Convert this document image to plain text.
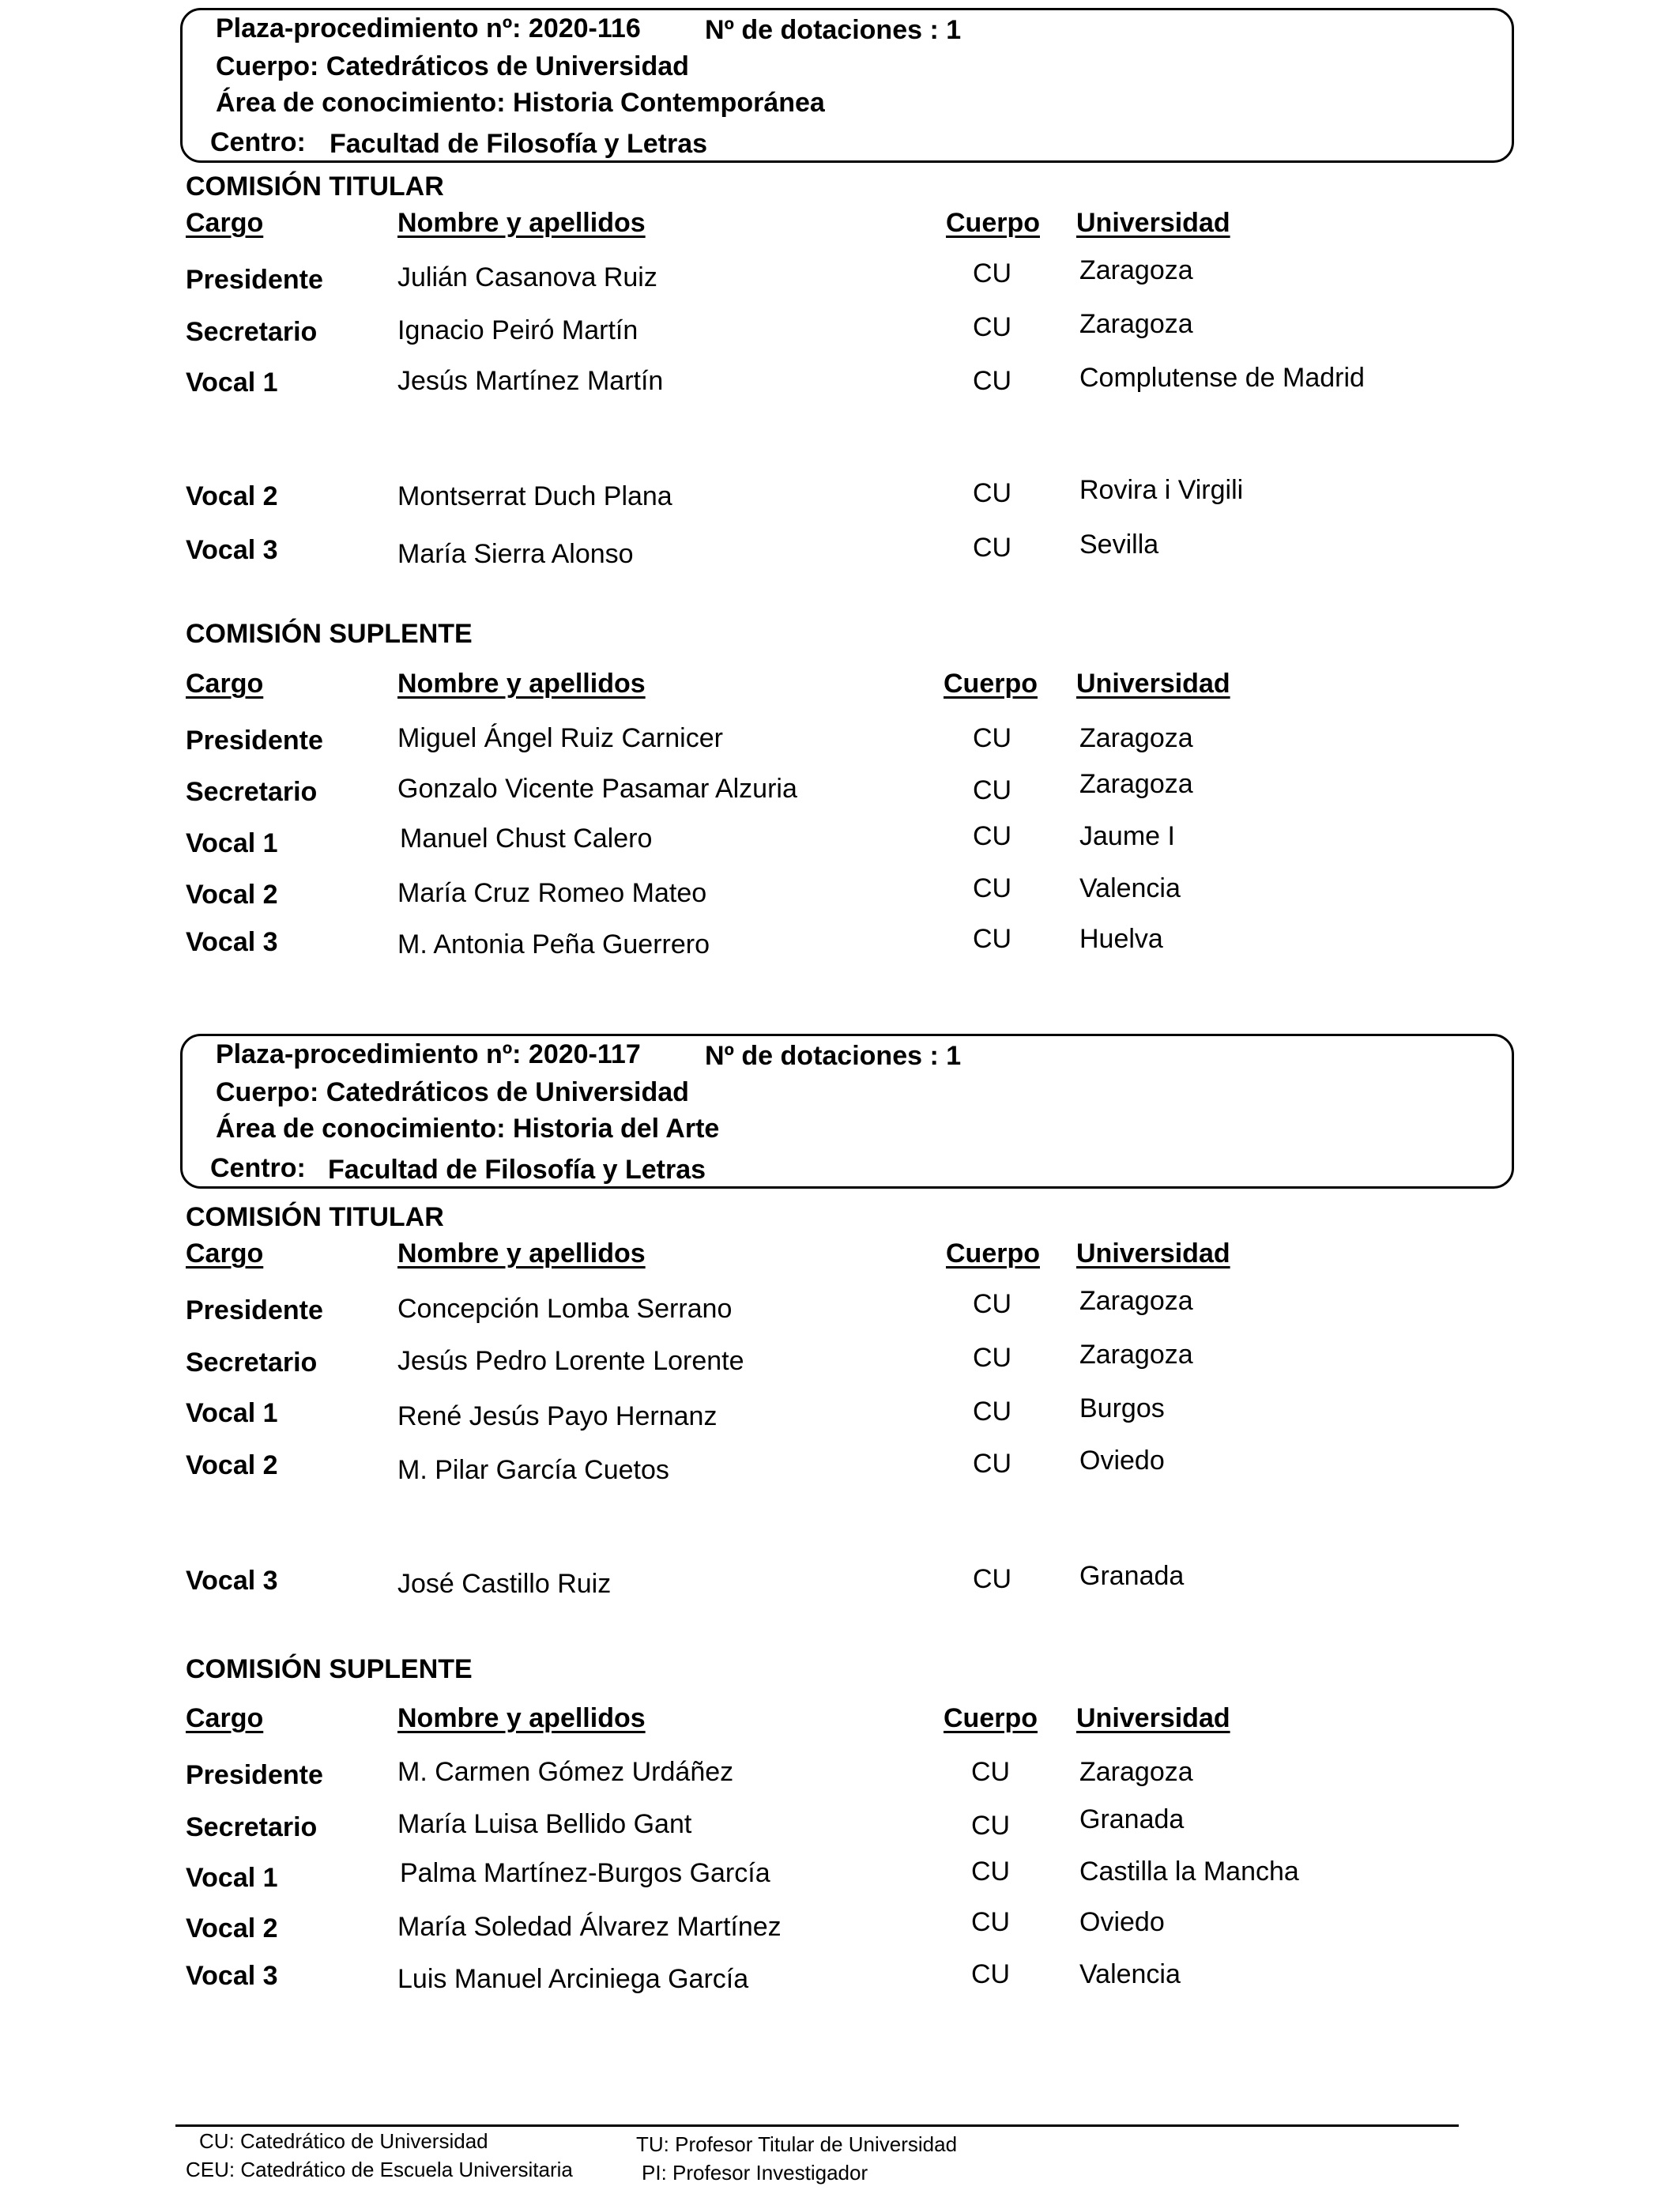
Plaza-procedimiento nº: 2020-116 Nº de dotaciones : 1
Cuerpo: Catedráticos de Universidad
Área de conocimiento: Historia Contemporánea
Centro: Facultad de Filosofía y Letras
COMISIÓN TITULAR
Cargo	Nombre y apellidos	Cuerpo Universidad
Presidente	Julián Casanova Ruiz	CU	Zaragoza
Secretario	Ignacio Peiró Martín	CU	Zaragoza
Vocal 1	Jesús Martínez Martín	CU	Complutense de Madrid
Vocal 2	Montserrat Duch Plana	CU	Rovira i Virgili
Vocal 3	María Sierra Alonso	CU	Sevilla
COMISIÓN SUPLENTE
Cargo	Nombre y apellidos	Cuerpo Universidad
Presidente	Miguel Ángel Ruiz Carnicer	CU	Zaragoza
Secretario	Gonzalo Vicente Pasamar Alzuria	CU	Zaragoza
Vocal 1	Manuel Chust Calero	CU	Jaume I
Vocal 2	María Cruz Romeo Mateo	CU	Valencia
Vocal 3	M. Antonia Peña Guerrero	CU	Huelva
Plaza-procedimiento nº: 2020-117 Nº de dotaciones : 1
Cuerpo: Catedráticos de Universidad
Área de conocimiento: Historia del Arte
Centro: Facultad de Filosofía y Letras
COMISIÓN TITULAR
Cargo	Nombre y apellidos	Cuerpo Universidad
Presidente	Concepción Lomba Serrano	CU	Zaragoza
Secretario	Jesús Pedro Lorente Lorente	CU	Zaragoza
Vocal 1	René Jesús Payo Hernanz	CU	Burgos
Vocal 2	M. Pilar García Cuetos	CU	Oviedo
Vocal 3	José Castillo Ruiz	CU	Granada
COMISIÓN SUPLENTE
Cargo	Nombre y apellidos	Cuerpo Universidad
Presidente	M. Carmen Gómez Urdáñez	CU	Zaragoza
Secretario	María Luisa Bellido Gant	CU	Granada
Vocal 1	Palma Martínez-Burgos García	CU	Castilla la Mancha
Vocal 2	María Soledad Álvarez Martínez	CU	Oviedo
Vocal 3	Luis Manuel Arciniega García	CU	Valencia
CU: Catedrático de Universidad
CEU: Catedrático de Escuela Universitaria
TU: Profesor Titular de Universidad
PI: Profesor Investigador
